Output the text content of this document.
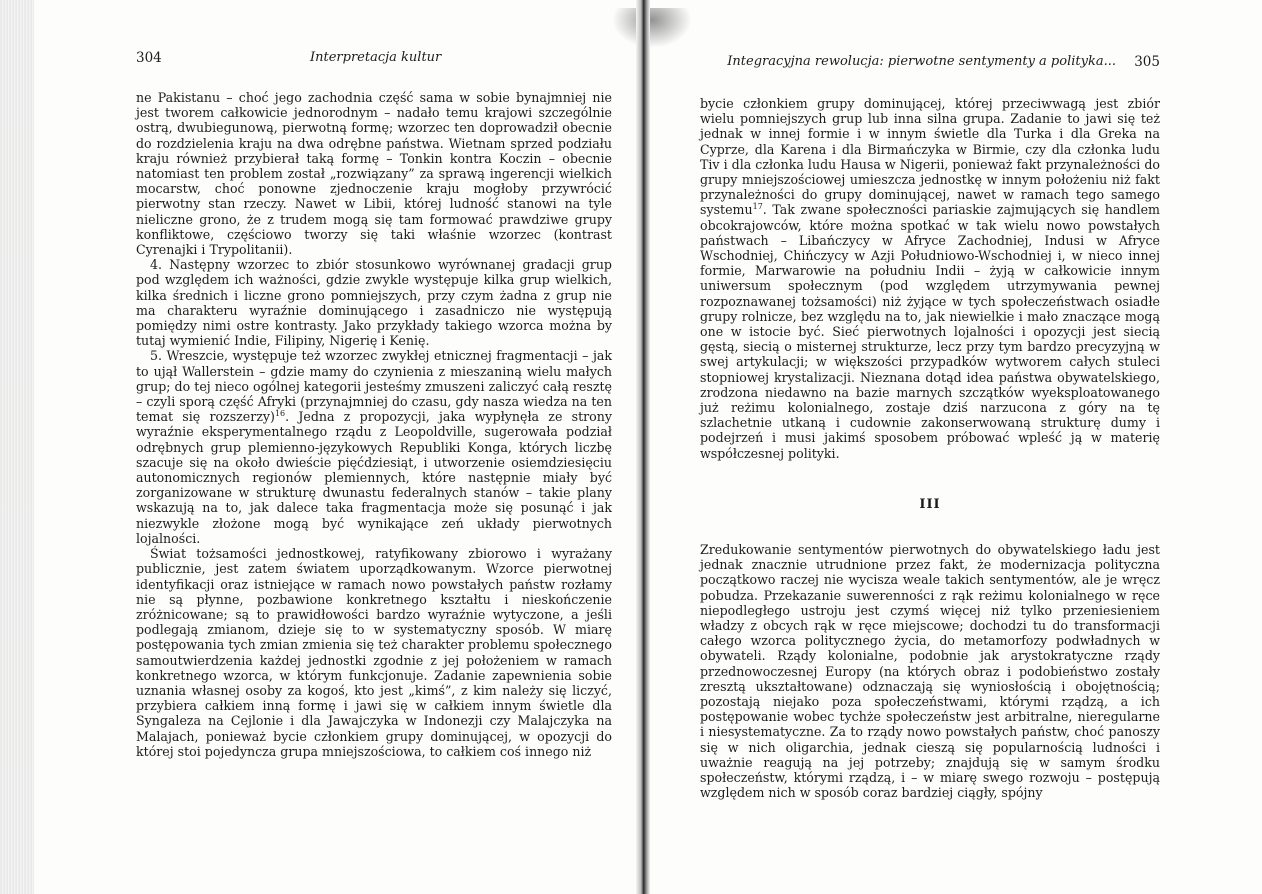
304	Interpretacja kultur

ne Pakistanu – choć jego zachodnia część sama w sobie bynajmniej nie jest tworem całkowicie jednorodnym – nadało temu krajowi szczególnie ostrą, dwubiegunową, pierwotną formę; wzorzec ten doprowadził obecnie do rozdzielenia kraju na dwa odrębne państwa. Wietnam sprzed podziału kraju również przybierał taką formę – Tonkin kontra Koczin – obecnie natomiast ten problem został „rozwiązany” za sprawą ingerencji wielkich mocarstw, choć ponowne zjednoczenie kraju mogłoby przywrócić pierwotny stan rzeczy. Nawet w Libii, której ludność stanowi na tyle nieliczne grono, że z trudem mogą się tam formować prawdziwe grupy konfliktowe, częściowo tworzy się taki właśnie wzorzec (kontrast Cyrenajki i Trypolitanii).

4. Następny wzorzec to zbiór stosunkowo wyrównanej gradacji grup pod względem ich ważności, gdzie zwykle występuje kilka grup wielkich, kilka średnich i liczne grono pomniejszych, przy czym żadna z grup nie ma charakteru wyraźnie dominującego i zasadniczo nie występują pomiędzy nimi ostre kontrasty. Jako przykłady takiego wzorca można by tutaj wymienić Indie, Filipiny, Nigerię i Kenię.

5. Wreszcie, występuje też wzorzec zwykłej etnicznej fragmentacji – jak to ujął Wallerstein – gdzie mamy do czynienia z mieszaniną wielu małych grup; do tej nieco ogólnej kategorii jesteśmy zmuszeni zaliczyć całą resztę – czyli sporą część Afryki (przynajmniej do czasu, gdy nasza wiedza na ten temat się rozszerzy)$^{16}$. Jedna z propozycji, jaka wypłynęła ze strony wyraźnie eksperymentalnego rządu z Leopoldville, sugerowała podział odrębnych grup plemienno-językowych Republiki Konga, których liczbę szacuje się na około dwieście pięćdziesiąt, i utworzenie osiemdziesięciu autonomicznych regionów plemiennych, które następnie miały być zorganizowane w strukturę dwunastu federalnych stanów – takie plany wskazują na to, jak dalece taka fragmentacja może się posunąć i jak niezwykle złożone mogą być wynikające zeń układy pierwotnych lojalności.

Świat tożsamości jednostkowej, ratyfikowany zbiorowo i wyrażany publicznie, jest zatem światem uporządkowanym. Wzorce pierwotnej identyfikacji oraz istniejące w ramach nowo powstałych państw rozłamy nie są płynne, pozbawione konkretnego kształtu i nieskończenie zróżnicowane; są to prawidłowości bardzo wyraźnie wytyczone, a jeśli podlegają zmianom, dzieje się to w systematyczny sposób. W miarę postępowania tych zmian zmienia się też charakter problemu społecznego samoutwierdzenia każdej jednostki zgodnie z jej położeniem w ramach konkretnego wzorca, w którym funkcjonuje. Zadanie zapewnienia sobie uznania własnej osoby za kogoś, kto jest „kimś”, z kim należy się liczyć, przybiera całkiem inną formę i jawi się w całkiem innym świetle dla Syngaleza na Cejlonie i dla Jawajczyka w Indonezji czy Malajczyka na Malajach, ponieważ bycie członkiem grupy dominującej, w opozycji do której stoi pojedyncza grupa mniejszościowa, to całkiem coś innego niż

Integracyjna rewolucja: pierwotne sentymenty a polityka... 305

bycie członkiem grupy dominującej, której przeciwwagą jest zbiór wielu pomniejszych grup lub inna silna grupa. Zadanie to jawi się też jednak w innej formie i w innym świetle dla Turka i dla Greka na Cyprze, dla Karena i dla Birmańczyka w Birmie, czy dla członka ludu Tiv i dla członka ludu Hausa w Nigerii, ponieważ fakt przynależności do grupy mniejszościowej umieszcza jednostkę w innym położeniu niż fakt przynależności do grupy dominującej, nawet w ramach tego samego systemu$^{17}$. Tak zwane społeczności pariaskie zajmujących się handlem obcokrajowców, które można spotkać w tak wielu nowo powstałych państwach – Libańczycy w Afryce Zachodniej, Indusi w Afryce Wschodniej, Chińczycy w Azji Południowo-Wschodniej i, w nieco innej formie, Marwarowie na południu Indii – żyją w całkowicie innym uniwersum społecznym (pod względem utrzymywania pewnej rozpoznawanej tożsamości) niż żyjące w tych społeczeństwach osiadłe grupy rolnicze, bez względu na to, jak niewielkie i mało znaczące mogą one w istocie być. Sieć pierwotnych lojalności i opozycji jest siecią gęstą, siecią o misternej strukturze, lecz przy tym bardzo precyzyjną w swej artykulacji; w większości przypadków wytworem całych stuleci stopniowej krystalizacji. Nieznana dotąd idea państwa obywatelskiego, zrodzona niedawno na bazie marnych szczątków wyeksploatowanego już reżimu kolonialnego, zostaje dziś narzucona z góry na tę szlachetnie utkaną i cudownie zakonserwowaną strukturę dumy i podejrzeń i musi jakimś sposobem próbować wpleść ją w materię współczesnej polityki.

III

Zredukowanie sentymentów pierwotnych do obywatelskiego ładu jest jednak znacznie utrudnione przez fakt, że modernizacja polityczna początkowo raczej nie wycisza weale takich sentymentów, ale je wręcz pobudza. Przekazanie suwerenności z rąk reżimu kolonialnego w ręce niepodległego ustroju jest czymś więcej niż tylko przeniesieniem władzy z obcych rąk w ręce miejscowe; dochodzi tu do transformacji całego wzorca politycznego życia, do metamorfozy podwładnych w obywateli. Rządy kolonialne, podobnie jak arystokratyczne rządy przednowoczesnej Europy (na których obraz i podobieństwo zostały zresztą ukształtowane) odznaczają się wyniosłością i obojętnością; pozostają niejako poza społeczeństwami, którymi rządzą, a ich postępowanie wobec tychże społeczeństw jest arbitralne, nieregularne i niesystematyczne. Za to rządy nowo powstałych państw, choć panoszy się w nich oligarchia, jednak cieszą się popularnością ludności i uważnie reagują na jej potrzeby; znajdują się w samym środku społeczeństw, którymi rządzą, i – w miarę swego rozwoju – postępują względem nich w sposób coraz bardziej ciągły, spójny
